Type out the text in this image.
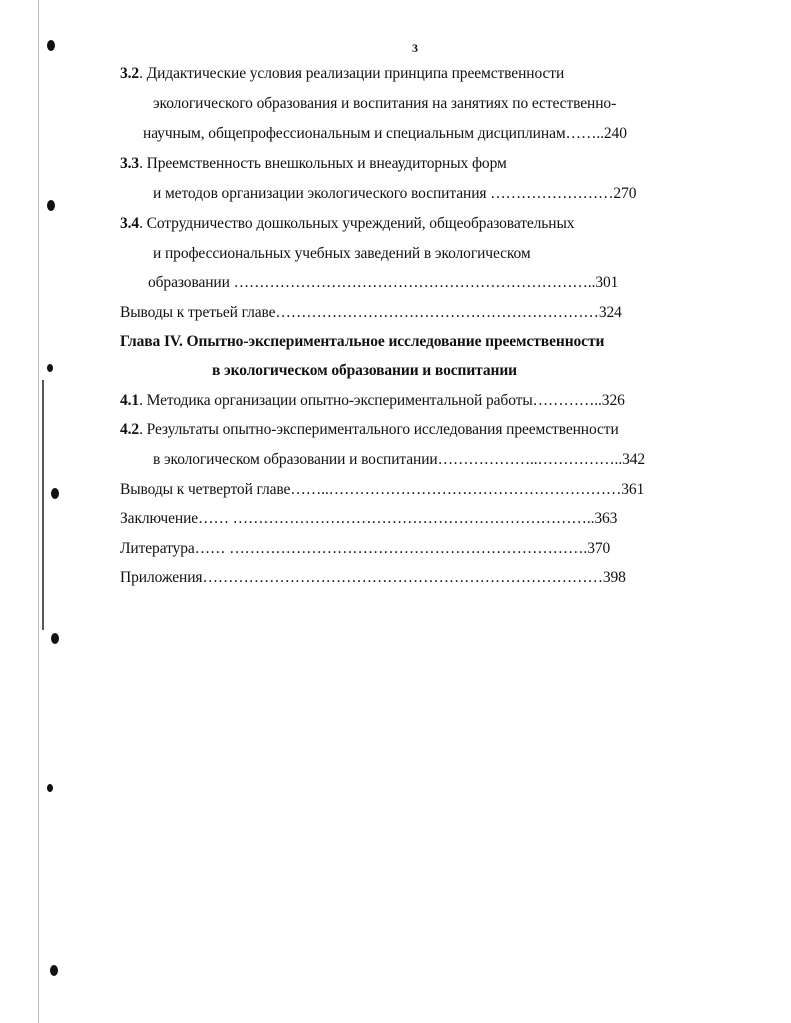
3
3.2. Дидактические условия реализации принципа преемственности
экологического образования и воспитания на занятиях по естественно-
научным, общепрофессиональным и специальным дисциплинам……..240
3.3. Преемственность внешкольных и внеаудиторных форм
и методов организации экологического воспитания ……………………270
3.4. Сотрудничество дошкольных учреждений, общеобразовательных
и профессиональных учебных заведений в экологическом
образовании ……………………………………………………………..301
Выводы к третьей главе………………………………………………………324
Глава IV. Опытно-экспериментальное исследование преемственности
в экологическом образовании и воспитании
4.1. Методика организации опытно-экспериментальной работы…………..326
4.2. Результаты опытно-экспериментального исследования преемственности
в экологическом образовании и воспитании………………..……………..342
Выводы к четвертой главе……..…………………………………………………361
Заключение…… ……………………………………………………………..363
Литература…… …………………………………………………………….370
Приложения……………………………………………………………………398
